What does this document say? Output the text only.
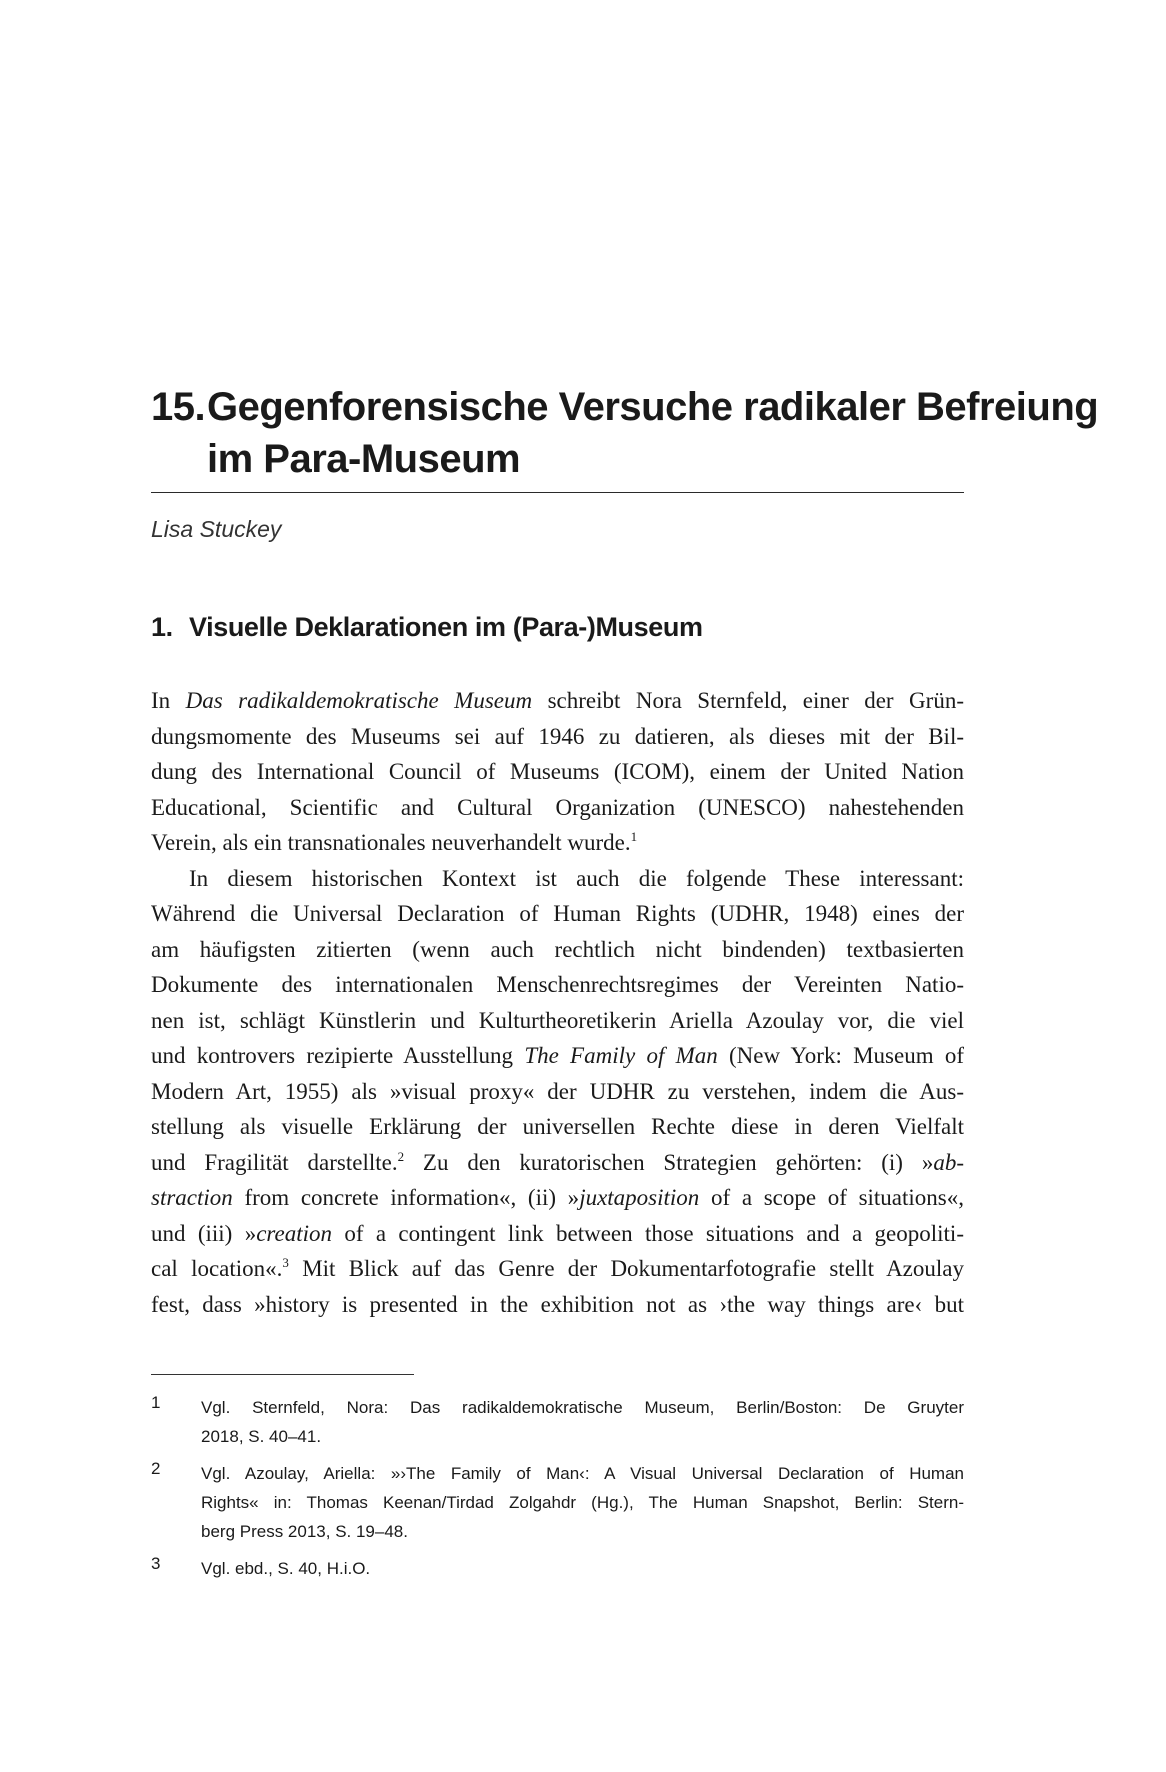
15.Gegenforensische Versuche radikaler Befreiung
im Para-Museum
Lisa Stuckey
1. Visuelle Deklarationen im (Para-)Museum
In Das radikaldemokratische Museum schreibt Nora Sternfeld, einer der Grün-
dungsmomente des Museums sei auf 1946 zu datieren, als dieses mit der Bil-
dung des International Council of Museums (ICOM), einem der United Nation
Educational, Scientific and Cultural Organization (UNESCO) nahestehenden
Verein, als ein transnationales neuverhandelt wurde.$^1$
In diesem historischen Kontext ist auch die folgende These interessant:
Während die Universal Declaration of Human Rights (UDHR, 1948) eines der
am häufigsten zitierten (wenn auch rechtlich nicht bindenden) textbasierten
Dokumente des internationalen Menschenrechtsregimes der Vereinten Natio-
nen ist, schlägt Künstlerin und Kulturtheoretikerin Ariella Azoulay vor, die viel
und kontrovers rezipierte Ausstellung The Family of Man (New York: Museum of
Modern Art, 1955) als »visual proxy« der UDHR zu verstehen, indem die Aus-
stellung als visuelle Erklärung der universellen Rechte diese in deren Vielfalt
und Fragilität darstellte.$^2$ Zu den kuratorischen Strategien gehörten: (i) »ab-
straction from concrete information«, (ii) »juxtaposition of a scope of situations«,
und (iii) »creation of a contingent link between those situations and a geopoliti-
cal location«.$^3$ Mit Blick auf das Genre der Dokumentarfotografie stellt Azoulay
fest, dass »history is presented in the exhibition not as ›the way things are‹ but
1 Vgl. Sternfeld, Nora: Das radikaldemokratische Museum, Berlin/Boston: De Gruyter
2018, S. 40–41.
2 Vgl. Azoulay, Ariella: »›The Family of Man‹: A Visual Universal Declaration of Human
Rights« in: Thomas Keenan/Tirdad Zolgahdr (Hg.), The Human Snapshot, Berlin: Stern-
berg Press 2013, S. 19–48.
3 Vgl. ebd., S. 40, H.i.O.
